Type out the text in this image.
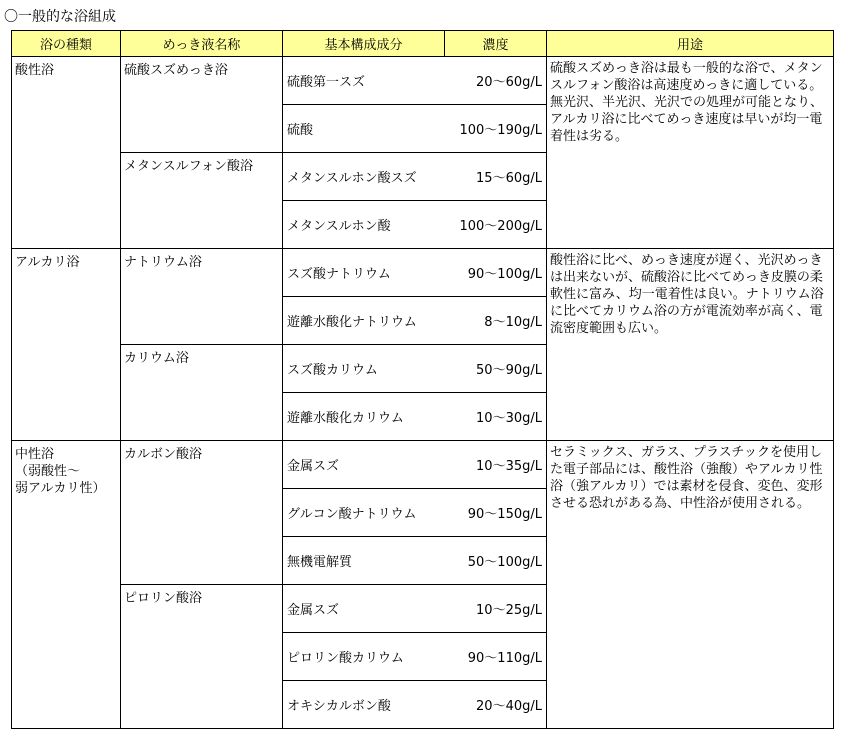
〇一般的な浴組成
浴の種類	めっき液名称	基本構成成分	濃度	用途
酸性浴	硫酸スズめっき浴	硫酸第一スズ	20〜60g/L	硫酸スズめっき浴は最も一般的な浴で、メタンスルフォン酸浴は高速度めっきに適している。無光沢、半光沢、光沢での処理が可能となり、アルカリ浴に比べてめっき速度は早いが均一電着性は劣る。
		硫酸	100〜190g/L	
	メタンスルフォン酸浴	メタンスルホン酸スズ	15〜60g/L	
		メタンスルホン酸	100〜200g/L	
アルカリ浴	ナトリウム浴	スズ酸ナトリウム	90〜100g/L	酸性浴に比べ、めっき速度が遅く、光沢めっきは出来ないが、硫酸浴に比べてめっき皮膜の柔軟性に富み、均一電着性は良い。ナトリウム浴に比べてカリウム浴の方が電流効率が高く、電流密度範囲も広い。
		遊離水酸化ナトリウム	8〜10g/L	
	カリウム浴	スズ酸カリウム	50〜90g/L	
		遊離水酸化カリウム	10〜30g/L	

中性浴
（弱酸性〜
弱アルカリ性）	カルボン酸浴	金属スズ	10〜35g/L	セラミックス、ガラス、プラスチックを使用した電子部品には、酸性浴（強酸）やアルカリ性浴（強アルカリ）では素材を侵食、変色、変形させる恐れがある為、中性浴が使用される。
		グルコン酸ナトリウム	90〜150g/L	
		無機電解質	50〜100g/L	
	ピロリン酸浴	金属スズ	10〜25g/L	
		ピロリン酸カリウム	90〜110g/L	
		オキシカルボン酸	20〜40g/L	
